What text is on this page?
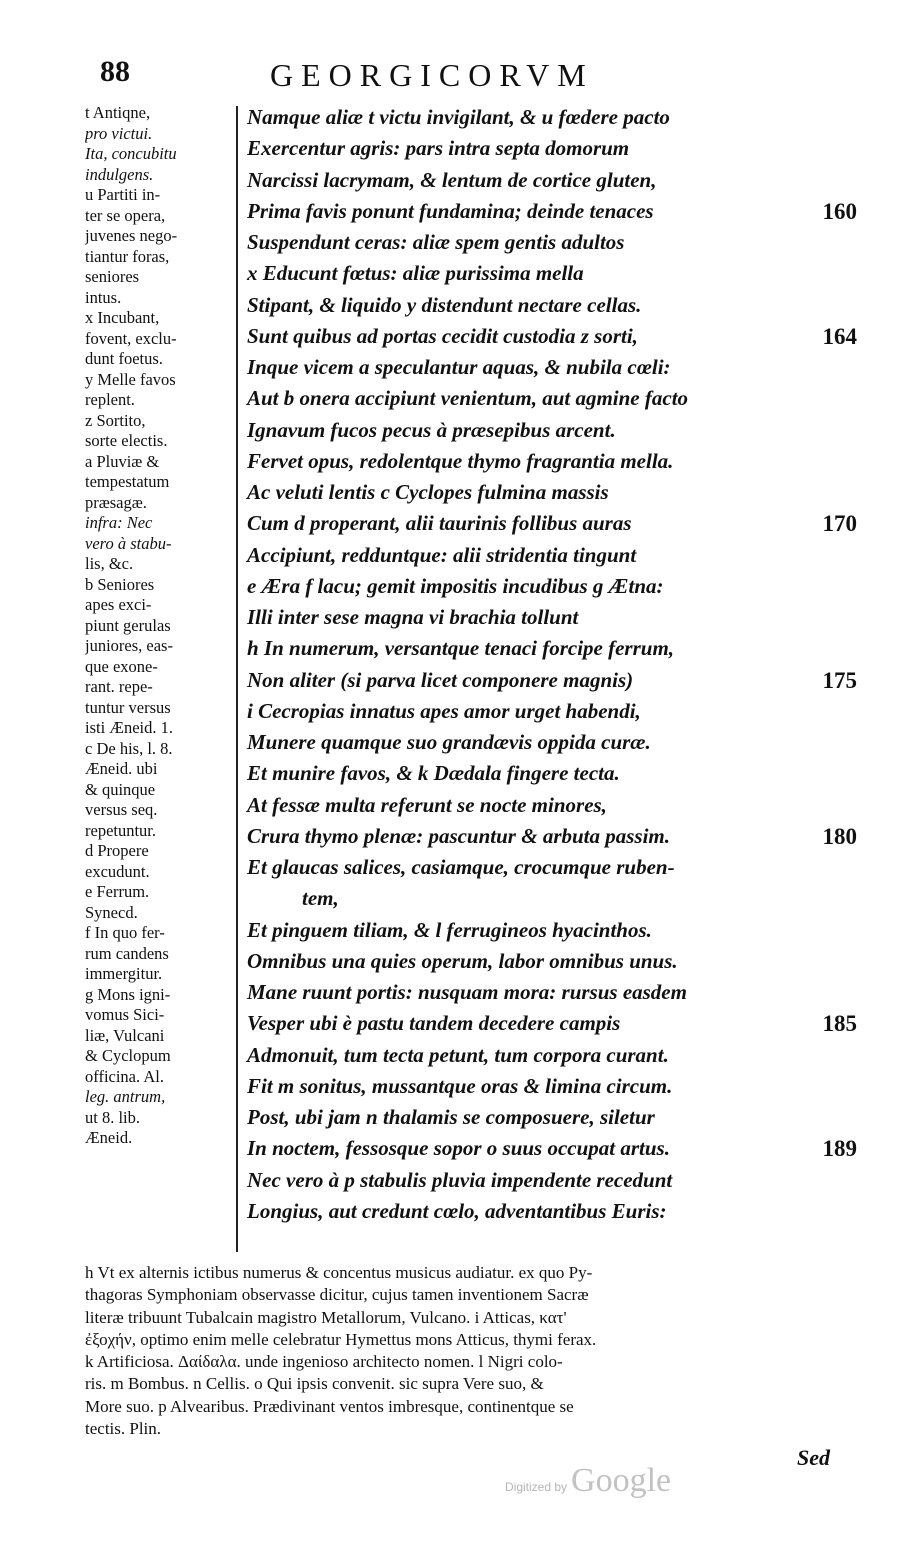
88	GEORGICORVM
t Antiqne,
pro victui.
Ita, concubitu
indulgens.
u Partiti in-
ter se opera,
juvenes nego-
tiantur foras,
seniores
intus.
x Incubant,
fovent, exclu-
dunt foetus.
y Melle favos
replent.
z Sortito,
sorte electis.
a Pluviæ &
tempestatum
præsagæ.
infra: Nec
vero à stabu-
lis, &c.
b Seniores
apes exci-
piunt gerulas
juniores, eas-
que exone-
rant. repe-
tuntur versus
isti Æneid. 1.
c De his, l. 8.
Æneid. ubi
& quinque
versus seq.
repetuntur.
d Propere
excudunt.
e Ferrum.
Synecd.
f In quo fer-
rum candens
immergitur.
g Mons igni-
vomus Sici-
liæ, Vulcani
& Cyclopum
officina. Al.
leg. antrum,
ut 8. lib.
Æneid.
Namque aliæ t victu invigilant, & u fœdere pacto
Exercentur agris: pars intra septa domorum
Narcissi lacrymam, & lentum de cortice gluten,
Prima favis ponunt fundamina; deinde tenaces	160
Suspendunt ceras: aliæ spem gentis adultos
x Educunt fœtus: aliæ purissima mella
Stipant, & liquido y distendunt nectare cellas.
Sunt quibus ad portas cecidit custodia z sorti,	164
Inque vicem a speculantur aquas, & nubila cœli:
Aut b onera accipiunt venientum, aut agmine facto
Ignavum fucos pecus à præsepibus arcent.
Fervet opus, redolentque thymo fragrantia mella.
Ac veluti lentis c Cyclopes fulmina massis
Cum d properant, alii taurinis follibus auras	170
Accipiunt, redduntque: alii stridentia tingunt
e Æra f lacu; gemit impositis incudibus g Ætna:
Illi inter sese magna vi brachia tollunt
h In numerum, versantque tenaci forcipe ferrum,
Non aliter (si parva licet componere magnis)	175
i Cecropias innatus apes amor urget habendi,
Munere quamque suo grandævis oppida curæ.
Et munire favos, & k Dædala fingere tecta.
At fessæ multa referunt se nocte minores,
Crura thymo plenæ: pascuntur & arbuta passim.	180
Et glaucas salices, casiamque, crocumque ruben-
tem,
Et pinguem tiliam, & l ferrugineos hyacinthos.
Omnibus una quies operum, labor omnibus unus.
Mane ruunt portis: nusquam mora: rursus easdem
Vesper ubi è pastu tandem decedere campis	185
Admonuit, tum tecta petunt, tum corpora curant.
Fit m sonitus, mussantque oras & limina circum.
Post, ubi jam n thalamis se composuere, siletur
In noctem, fessosque sopor o suus occupat artus.	189
Nec vero à p stabulis pluvia impendente recedunt
Longius, aut credunt cœlo, adventantibus Euris:
h Vt ex alternis ictibus numerus & concentus musicus audiatur. ex quo Py-
thagoras Symphoniam observasse dicitur, cujus tamen inventionem Sacræ
literæ tribuunt Tubalcain magistro Metallorum, Vulcano. i Atticas, κατ'
ἐξοχήν, optimo enim melle celebratur Hymettus mons Atticus, thymi ferax.
k Artificiosa. Δαίδαλα. unde ingenioso architecto nomen. l Nigri colo-
ris. m Bombus. n Cellis. o Qui ipsis convenit. sic supra Vere suo, &
More suo. p Alvearibus. Prædivinant ventos imbresque, continentque se
tectis. Plin.
Sed
Digitized by Google
